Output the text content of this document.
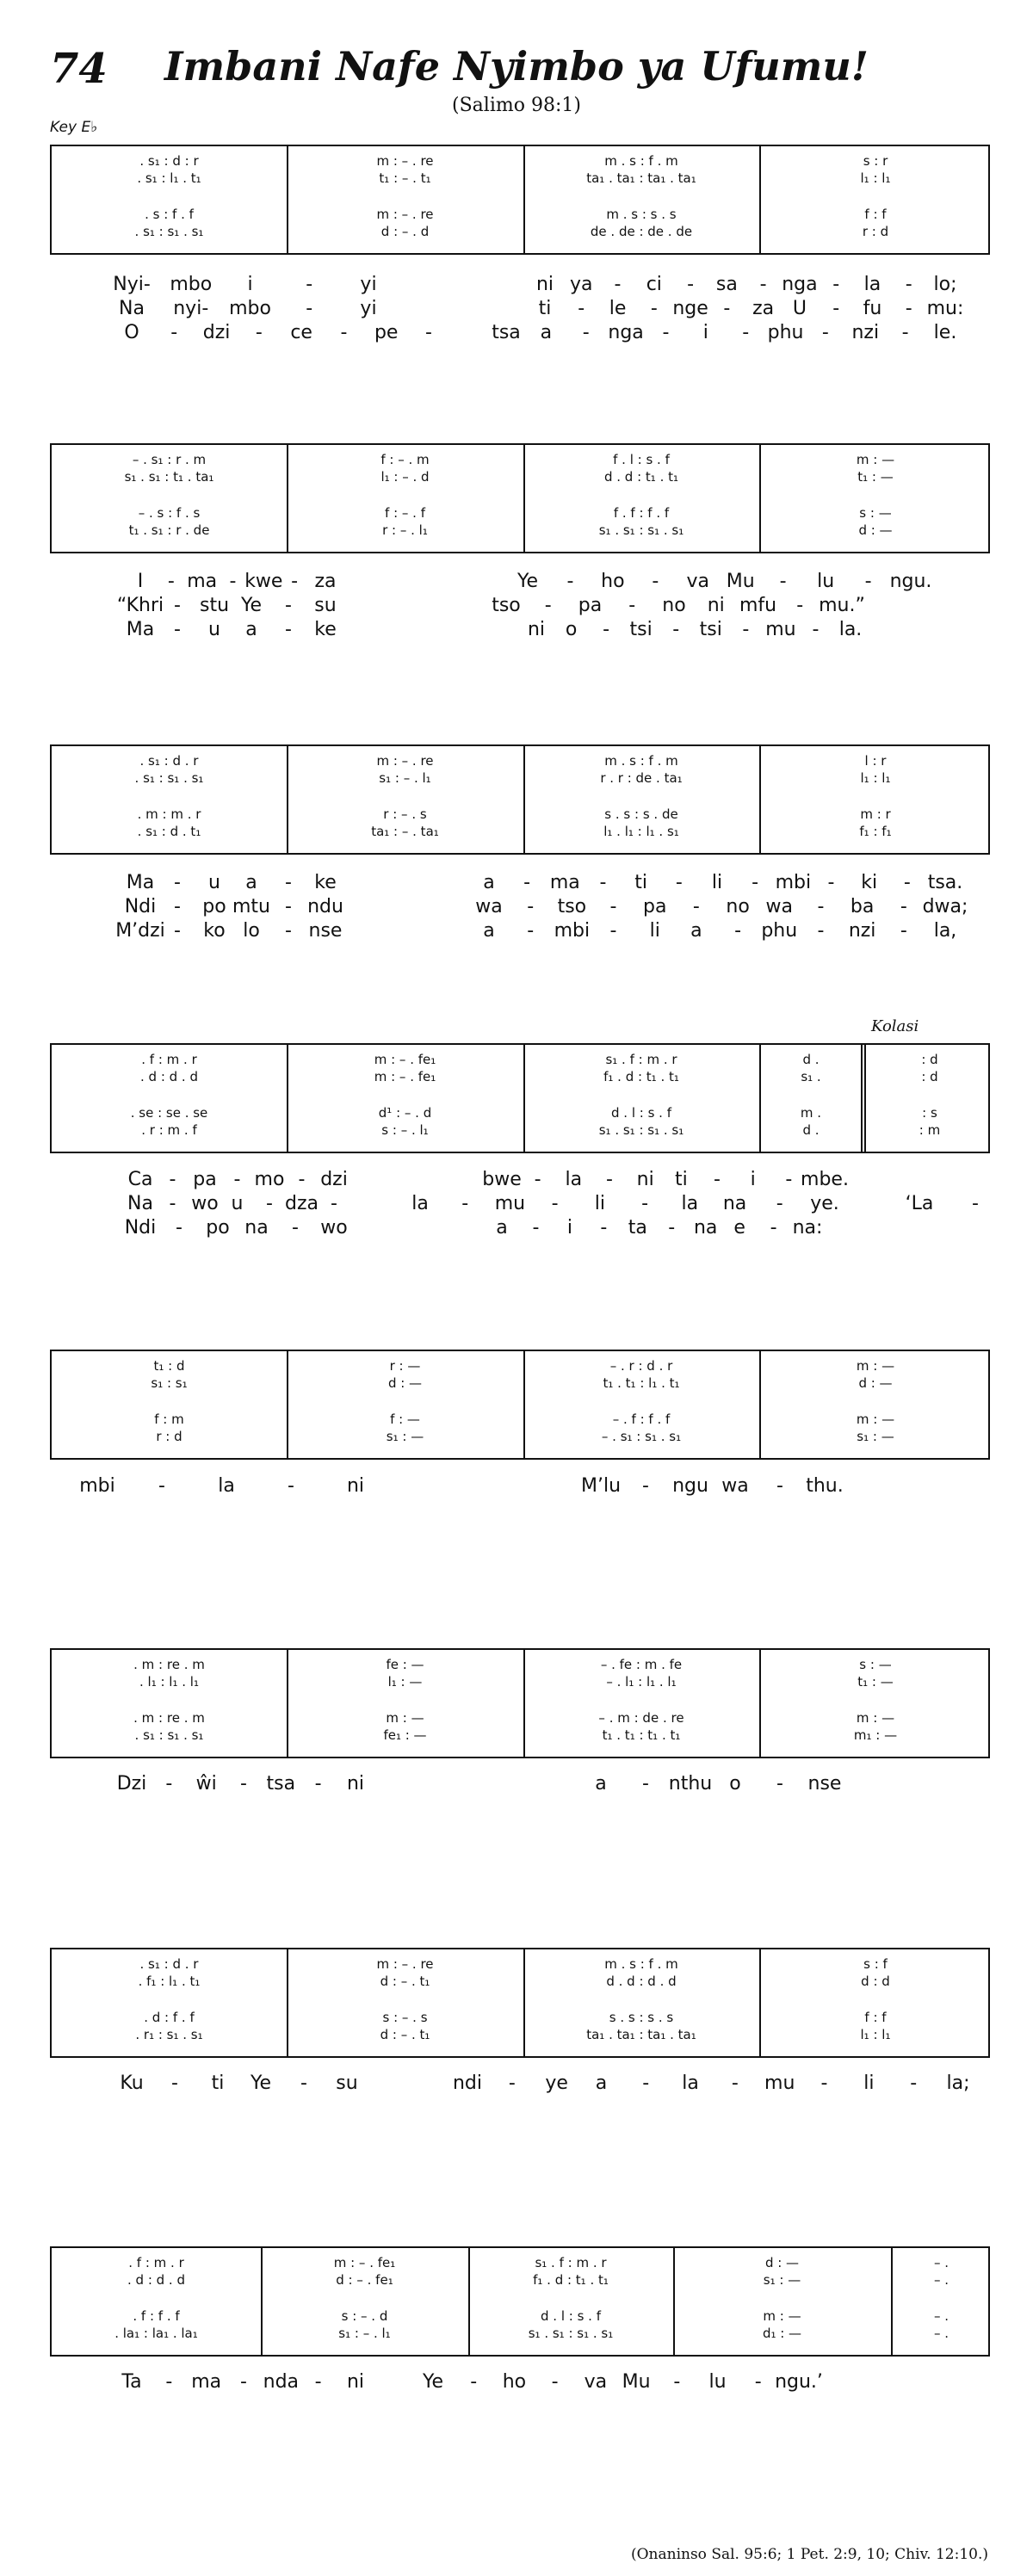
74	Imbani Nafe Nyimbo ya Ufumu!
(Salimo 98:1)
Key E♭
Kolasi
. s₁ : d : r	m : – . re	m . s : f . m	s : r
. s₁ : l₁ . t₁	t₁ : – . t₁	ta₁ . ta₁ : ta₁ . ta₁	l₁ : l₁
. s : f . f	m : – . re	m . s : s . s	f : f
. s₁ : s₁ . s₁	d : – . d	de . de : de . de	r : d
Nyi- mbo i	-	yi	ni ya - ci - sa - nga - la - lo;
Na nyi- mbo -	yi	ti - le - nge - za U - fu - mu:
O - dzi - ce - pe -	tsa a - nga - i - phu - nzi - le.
– . s₁ : r . m	f : – . m	f . l : s . f	m : —
s₁ . s₁ : t₁ . ta₁	l₁ : – . d	d . d : t₁ . t₁	t₁ : —
– . s : f . s	f : – . f	f . f : f . f	s : —
t₁ . s₁ : r . de	r : – . l₁	s₁ . s₁ : s₁ . s₁	d : —
I - ma - kwe - za	Ye - ho - va Mu - lu - ngu.
“Khri - stu Ye - su	tso - pa - no ni mfu - mu.”
Ma - u a - ke	ni o - tsi - tsi - mu - la.
. s₁ : d . r	m : – . re	m . s : f . m	l : r
. s₁ : s₁ . s₁	s₁ : – . l₁	r . r : de . ta₁	l₁ : l₁
. m : m . r	r : – . s	s . s : s . de	m : r
. s₁ : d . t₁	ta₁ : – . ta₁	l₁ . l₁ : l₁ . s₁	f₁ : f₁
Ma - u a - ke	a - ma - ti - li - mbi - ki - tsa.
Ndi - po mtu - ndu	wa - tso - pa - no wa - ba - dwa;
M’dzi - ko lo - nse	a - mbi - li a - phu - nzi - la,
. f : m . r	m : – . fe₁	s₁ . f : m . r	d .	: d
. d : d . d	m : – . fe₁	f₁ . d : t₁ . t₁	s₁ .	: d
. se : se . se	d¹ : – . d	d . l : s . f	m .	: s
. r : m . f	s : – . l₁	s₁ . s₁ : s₁ . s₁	d .	: m
Ca - pa - mo - dzi	bwe - la - ni ti - i - mbe.
Na - wo u - dza -	la - mu - li - la na - ye.	‘La -
Ndi - po na - wo	a - i - ta - na e - na:
t₁ : d	r : —	– . r : d . r	m : —
s₁ : s₁	d : —	t₁ . t₁ : l₁ . t₁	d : —
f : m	f : —	– . f : f . f	m : —
r : d	s₁ : —	– . s₁ : s₁ . s₁	s₁ : —
mbi -	la	-	ni	M’lu - ngu wa - thu.
. m : re . m	fe : —	– . fe : m . fe	s : —
. l₁ : l₁ . l₁	l₁ : —	– . l₁ : l₁ . l₁	t₁ : —
. m : re . m	m : —	– . m : de . re	m : —
. s₁ : s₁ . s₁	fe₁ : —	t₁ . t₁ : t₁ . t₁	m₁ : —
Dzi - ŵi - tsa - ni	a - nthu o - nse
. s₁ : d . r	m : – . re	m . s : f . m	s : f
. f₁ : l₁ . t₁	d : – . t₁	d . d : d . d	d : d
. d : f . f	s : – . s	s . s : s . s	f : f
. r₁ : s₁ . s₁	d : – . t₁	ta₁ . ta₁ : ta₁ . ta₁	l₁ : l₁
Ku - ti Ye - su	ndi - ye a - la - mu - li - la;
. f : m . r	m : – . fe₁	s₁ . f : m . r	d : —	– .
. d : d . d	d : – . fe₁	f₁ . d : t₁ . t₁	s₁ : —	– .
. f : f . f	s : – . d	d . l : s . f	m : —	– .
. la₁ : la₁ . la₁	s₁ : – . l₁	s₁ . s₁ : s₁ . s₁	d₁ : —	– .
Ta - ma - nda - ni	Ye - ho - va Mu - lu - ngu.’
(Onaninso Sal. 95:6; 1 Pet. 2:9, 10; Chiv. 12:10.)
